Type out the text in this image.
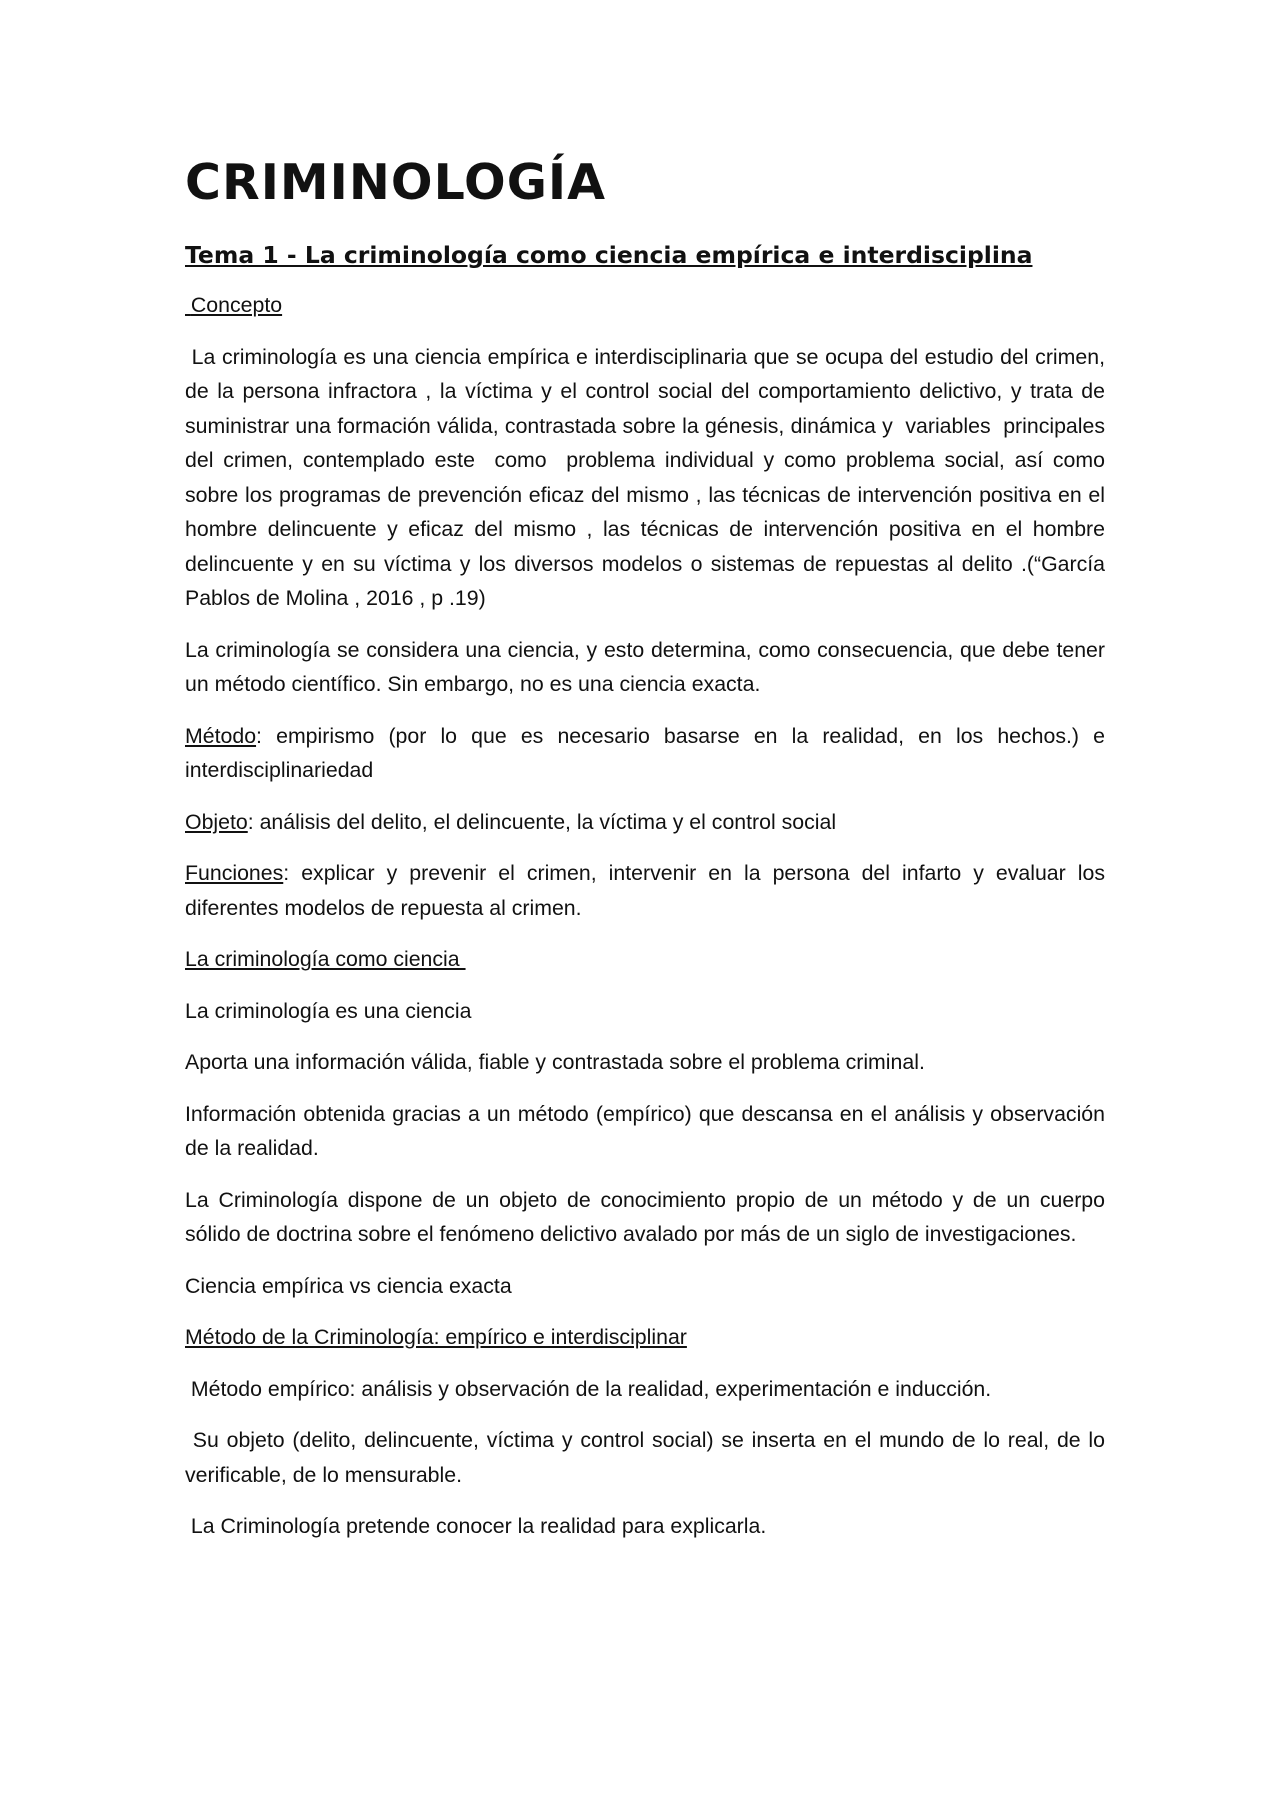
CRIMINOLOGÍA
Tema 1 - La criminología como ciencia empírica e interdisciplina

Concepto

La criminología es una ciencia empírica e interdisciplinaria que se ocupa del estudio del crimen, de la persona infractora , la víctima y el control social del comportamiento delictivo, y trata de suministrar una formación válida, contrastada sobre la génesis, dinámica y  variables  principales del crimen, contemplado este  como  problema individual y como problema social, así como sobre los programas de prevención eficaz del mismo , las técnicas de intervención positiva en el hombre delincuente y eficaz del mismo , las técnicas de intervención positiva en el hombre delincuente y en su víctima y los diversos modelos o sistemas de repuestas al delito .(“García Pablos de Molina , 2016 , p .19)

La criminología se considera una ciencia, y esto determina, como consecuencia, que debe tener un método científico. Sin embargo, no es una ciencia exacta.

Método: empirismo (por lo que es necesario basarse en la realidad, en los hechos.) e interdisciplinariedad

Objeto: análisis del delito, el delincuente, la víctima y el control social

Funciones: explicar y prevenir el crimen, intervenir en la persona del infarto y evaluar los diferentes modelos de repuesta al crimen.

La criminología como ciencia

La criminología es una ciencia

Aporta una información válida, fiable y contrastada sobre el problema criminal.

Información obtenida gracias a un método (empírico) que descansa en el análisis y observación de la realidad.

La Criminología dispone de un objeto de conocimiento propio de un método y de un cuerpo sólido de doctrina sobre el fenómeno delictivo avalado por más de un siglo de investigaciones.

Ciencia empírica vs ciencia exacta

Método de la Criminología: empírico e interdisciplinar

Método empírico: análisis y observación de la realidad, experimentación e inducción.

Su objeto (delito, delincuente, víctima y control social) se inserta en el mundo de lo real, de lo verificable, de lo mensurable.

La Criminología pretende conocer la realidad para explicarla.
